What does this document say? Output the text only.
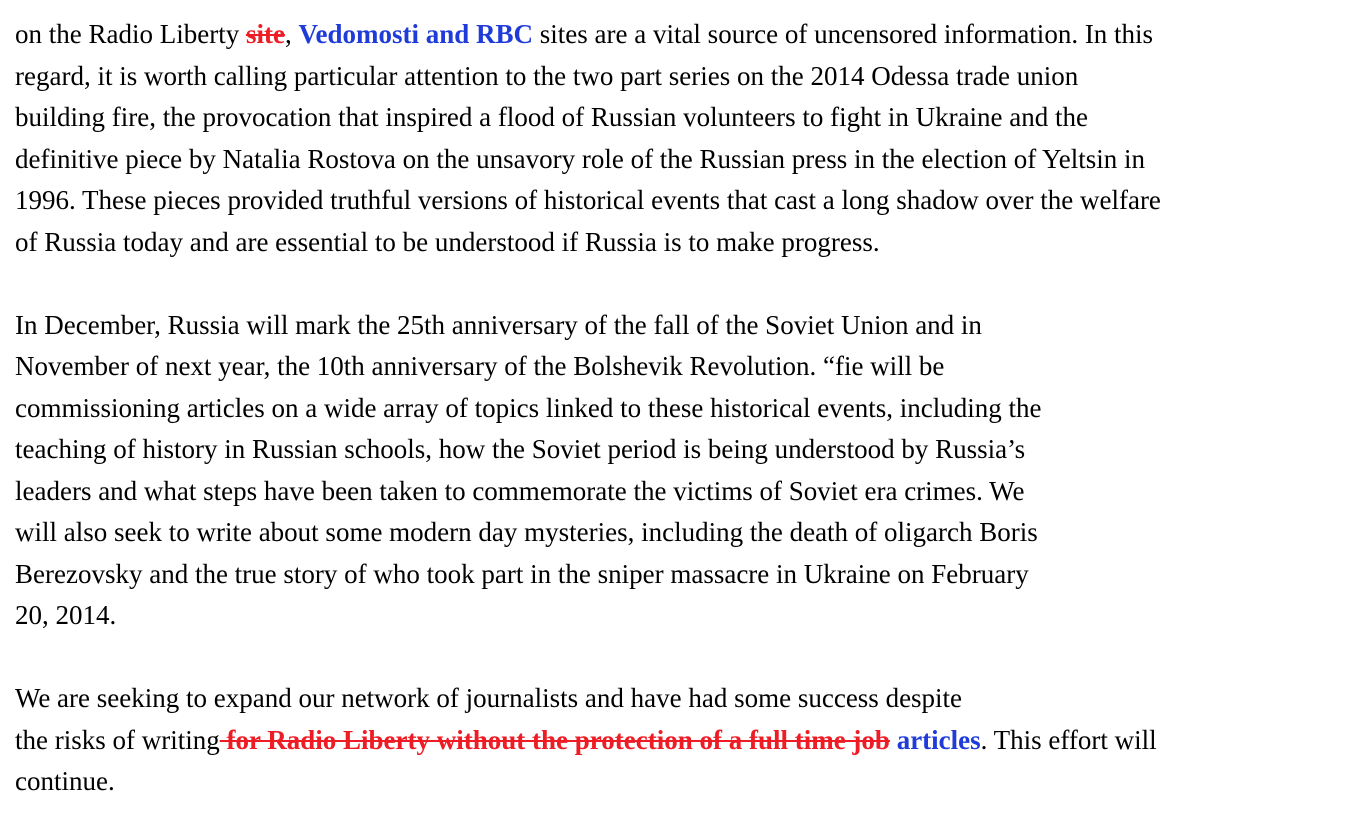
on the Radio Liberty site, Vedomosti and RBC sites are a vital source of uncensored information. In this
regard, it is worth calling particular attention to the two part series on the 2014 Odessa trade union
building fire, the provocation that inspired a flood of Russian volunteers to fight in Ukraine and the
definitive piece by Natalia Rostova on the unsavory role of the Russian press in the election of Yeltsin in
1996. These pieces provided truthful versions of historical events that cast a long shadow over the welfare
of Russia today and are essential to be understood if Russia is to make progress.

In December, Russia will mark the 25th anniversary of the fall of the Soviet Union and in
November of next year, the 10th anniversary of the Bolshevik Revolution. “fie will be
commissioning articles on a wide array of topics linked to these historical events, including the
teaching of history in Russian schools, how the Soviet period is being understood by Russia’s
leaders and what steps have been taken to commemorate the victims of Soviet era crimes. We
will also seek to write about some modern day mysteries, including the death of oligarch Boris
Berezovsky and the true story of who took part in the sniper massacre in Ukraine on February
20, 2014.

We are seeking to expand our network of journalists and have had some success despite
the risks of writing for Radio Liberty without the protection of a full time job articles. This effort will
continue.
